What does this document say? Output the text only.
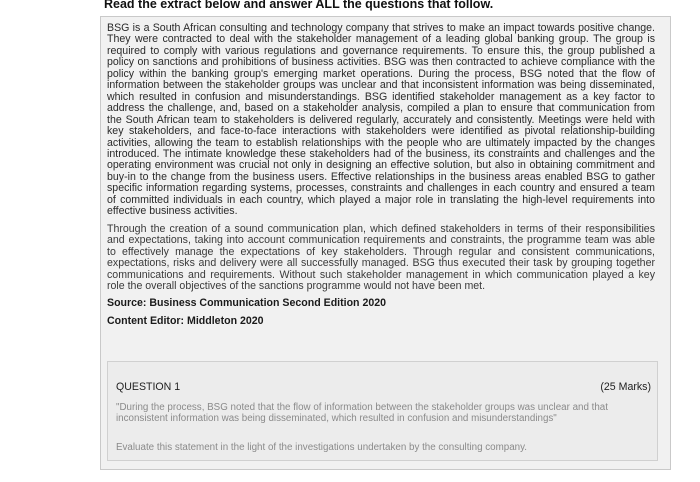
Read the extract below and answer ALL the questions that follow.

BSG is a South African consulting and technology company that strives to make an impact towards positive change. They were contracted to deal with the stakeholder management of a leading global banking group. The group is required to comply with various regulations and governance requirements. To ensure this, the group published a policy on sanctions and prohibitions of business activities. BSG was then contracted to achieve compliance with the policy within the banking group's emerging market operations. During the process, BSG noted that the flow of information between the stakeholder groups was unclear and that inconsistent information was being disseminated, which resulted in confusion and misunderstandings. BSG identified stakeholder management as a key factor to address the challenge, and, based on a stakeholder analysis, compiled a plan to ensure that communication from the South African team to stakeholders is delivered regularly, accurately and consistently. Meetings were held with key stakeholders, and face-to-face interactions with stakeholders were identified as pivotal relationship-building activities, allowing the team to establish relationships with the people who are ultimately impacted by the changes introduced. The intimate knowledge these stakeholders had of the business, its constraints and challenges and the operating environment was crucial not only in designing an effective solution, but also in obtaining commitment and buy-in to the change from the business users. Effective relationships in the business areas enabled BSG to gather specific information regarding systems, processes, constraints and challenges in each country and ensured a team of committed individuals in each country, which played a major role in translating the high-level requirements into effective business activities.

Through the creation of a sound communication plan, which defined stakeholders in terms of their responsibilities and expectations, taking into account communication requirements and constraints, the programme team was able to effectively manage the expectations of key stakeholders. Through regular and consistent communications, expectations, risks and delivery were all successfully managed. BSG thus executed their task by grouping together communications and requirements. Without such stakeholder management in which communication played a key role the overall objectives of the sanctions programme would not have been met.

Source: Business Communication Second Edition 2020

Content Editor: Middleton 2020

QUESTION 1	(25 Marks)
"During the process, BSG noted that the flow of information between the stakeholder groups was unclear and that inconsistent information was being disseminated, which resulted in confusion and misunderstandings"
Evaluate this statement in the light of the investigations undertaken by the consulting company.
